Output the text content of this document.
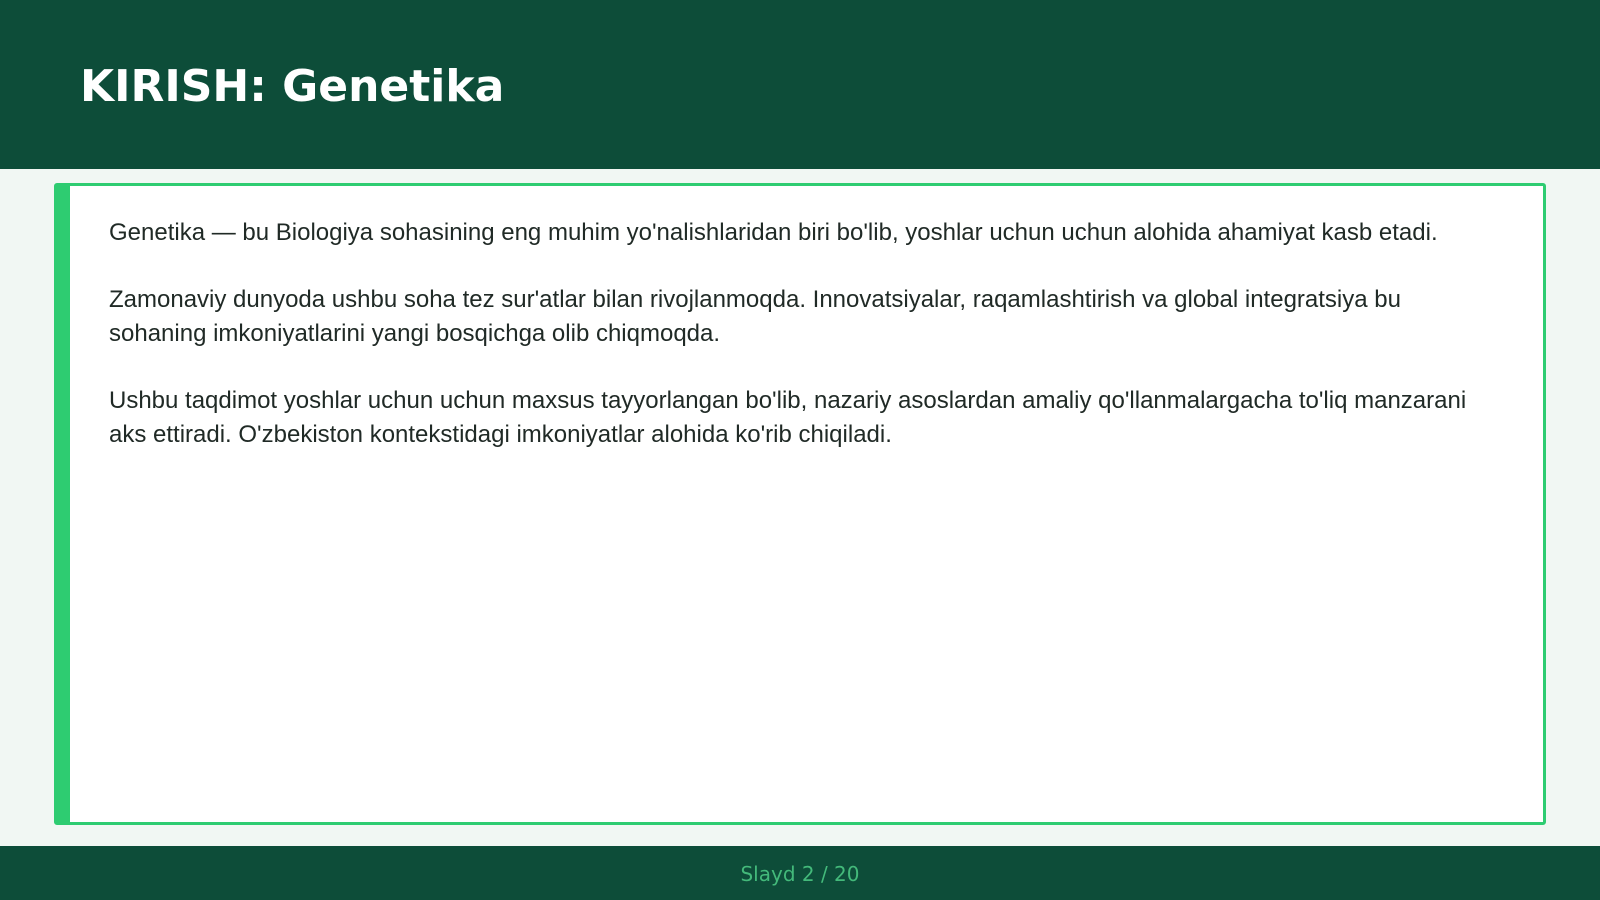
KIRISH: Genetika

Genetika — bu Biologiya sohasining eng muhim yo'nalishlaridan biri bo'lib, yoshlar uchun uchun alohida ahamiyat kasb etadi.

Zamonaviy dunyoda ushbu soha tez sur'atlar bilan rivojlanmoqda. Innovatsiyalar, raqamlashtirish va global integratsiya bu sohaning imkoniyatlarini yangi bosqichga olib chiqmoqda.

Ushbu taqdimot yoshlar uchun uchun maxsus tayyorlangan bo'lib, nazariy asoslardan amaliy qo'llanmalargacha to'liq manzarani aks ettiradi. O'zbekiston kontekstidagi imkoniyatlar alohida ko'rib chiqiladi.

Slayd 2 / 20
